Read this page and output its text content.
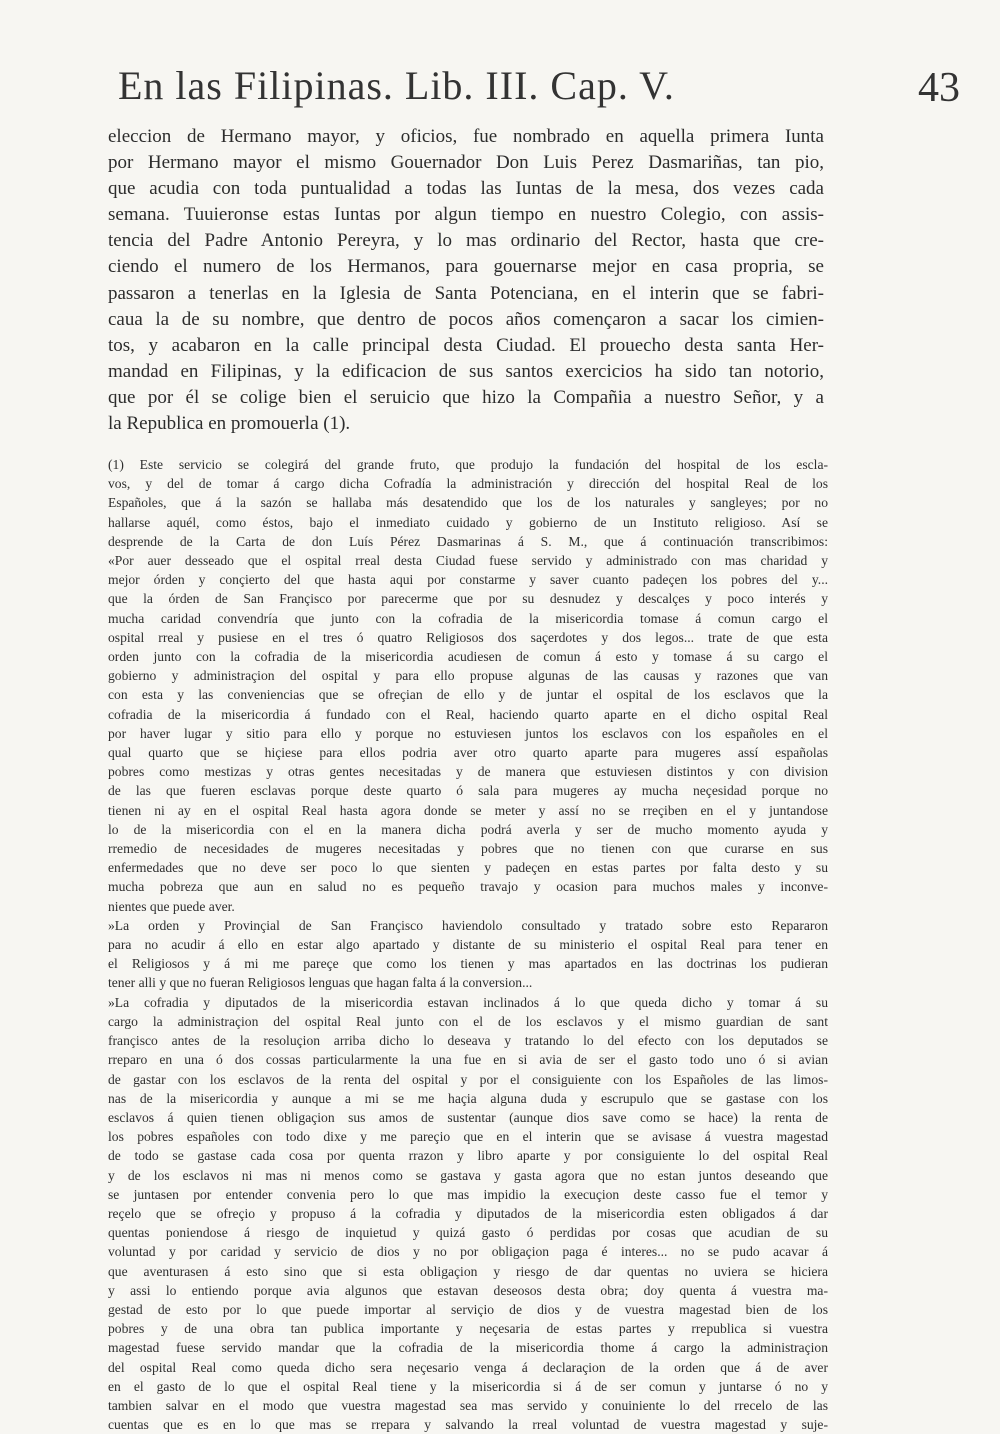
En las Filipinas. Lib. III. Cap. V.	43
eleccion de Hermano mayor, y oficios, fue nombrado en aquella primera Iunta
por Hermano mayor el mismo Gouernador Don Luis Perez Dasmariñas, tan pio,
que acudia con toda puntualidad a todas las Iuntas de la mesa, dos vezes cada
semana. Tuuieronse estas Iuntas por algun tiempo en nuestro Colegio, con assis-
tencia del Padre Antonio Pereyra, y lo mas ordinario del Rector, hasta que cre-
ciendo el numero de los Hermanos, para gouernarse mejor en casa propria, se
passaron a tenerlas en la Iglesia de Santa Potenciana, en el interin que se fabri-
caua la de su nombre, que dentro de pocos años començaron a sacar los cimien-
tos, y acabaron en la calle principal desta Ciudad. El prouecho desta santa Her-
mandad en Filipinas, y la edificacion de sus santos exercicios ha sido tan notorio,
que por él se colige bien el seruicio que hizo la Compañia a nuestro Señor, y a
la Republica en promouerla (1).
(1) Este servicio se colegirá del grande fruto, que produjo la fundación del hospital de los escla-
vos, y del de tomar á cargo dicha Cofradía la administración y dirección del hospital Real de los
Españoles, que á la sazón se hallaba más desatendido que los de los naturales y sangleyes; por no
hallarse aquél, como éstos, bajo el inmediato cuidado y gobierno de un Instituto religioso. Así se
desprende de la Carta de don Luís Pérez Dasmarinas á S. M., que á continuación transcribimos:
«Por auer desseado que el ospital rreal desta Ciudad fuese servido y administrado con mas charidad y
mejor órden y conçierto del que hasta aqui por constarme y saver cuanto padeçen los pobres del y...
que la órden de San Françisco por parecerme que por su desnudez y descalçes y poco interés y
mucha caridad convendría que junto con la cofradia de la misericordia tomase á comun cargo el
ospital rreal y pusiese en el tres ó quatro Religiosos dos saçerdotes y dos legos... trate de que esta
orden junto con la cofradia de la misericordia acudiesen de comun á esto y tomase á su cargo el
gobierno y administraçion del ospital y para ello propuse algunas de las causas y razones que van
con esta y las conveniencias que se ofreçian de ello y de juntar el ospital de los esclavos que la
cofradia de la misericordia á fundado con el Real, haciendo quarto aparte en el dicho ospital Real
por haver lugar y sitio para ello y porque no estuviesen juntos los esclavos con los españoles en el
qual quarto que se hiçiese para ellos podria aver otro quarto aparte para mugeres assí españolas
pobres como mestizas y otras gentes necesitadas y de manera que estuviesen distintos y con division
de las que fueren esclavas porque deste quarto ó sala para mugeres ay mucha neçesidad porque no
tienen ni ay en el ospital Real hasta agora donde se meter y assí no se rreçiben en el y juntandose
lo de la misericordia con el en la manera dicha podrá averla y ser de mucho momento ayuda y
rremedio de necesidades de mugeres necesitadas y pobres que no tienen con que curarse en sus
enfermedades que no deve ser poco lo que sienten y padeçen en estas partes por falta desto y su
mucha pobreza que aun en salud no es pequeño travajo y ocasion para muchos males y inconve-
nientes que puede aver.
»La orden y Provinçial de San Françisco haviendolo consultado y tratado sobre esto Repararon
para no acudir á ello en estar algo apartado y distante de su ministerio el ospital Real para tener en
el Religiosos y á mi me pareçe que como los tienen y mas apartados en las doctrinas los pudieran
tener alli y que no fueran Religiosos lenguas que hagan falta á la conversion...
»La cofradia y diputados de la misericordia estavan inclinados á lo que queda dicho y tomar á su
cargo la administraçion del ospital Real junto con el de los esclavos y el mismo guardian de sant
françisco antes de la resoluçion arriba dicho lo deseava y tratando lo del efecto con los deputados se
rreparo en una ó dos cossas particularmente la una fue en si avia de ser el gasto todo uno ó si avian
de gastar con los esclavos de la renta del ospital y por el consiguiente con los Españoles de las limos-
nas de la misericordia y aunque a mi se me haçia alguna duda y escrupulo que se gastase con los
esclavos á quien tienen obligaçion sus amos de sustentar (aunque dios save como se hace) la renta de
los pobres españoles con todo dixe y me pareçio que en el interin que se avisase á vuestra magestad
de todo se gastase cada cosa por quenta rrazon y libro aparte y por consiguiente lo del ospital Real
y de los esclavos ni mas ni menos como se gastava y gasta agora que no estan juntos deseando que
se juntasen por entender convenia pero lo que mas impidio la execuçion deste casso fue el temor y
reçelo que se ofreçio y propuso á la cofradia y diputados de la misericordia esten obligados á dar
quentas poniendose á riesgo de inquietud y quizá gasto ó perdidas por cosas que acudian de su
voluntad y por caridad y servicio de dios y no por obligaçion paga é interes... no se pudo acavar á
que aventurasen á esto sino que si esta obligaçion y riesgo de dar quentas no uviera se hiciera
y assi lo entiendo porque avia algunos que estavan deseosos desta obra; doy quenta á vuestra ma-
gestad de esto por lo que puede importar al serviçio de dios y de vuestra magestad bien de los
pobres y de una obra tan publica importante y neçesaria de estas partes y rrepublica si vuestra
magestad fuese servido mandar que la cofradia de la misericordia thome á cargo la administraçion
del ospital Real como queda dicho sera neçesario venga á declaraçion de la orden que á de aver
en el gasto de lo que el ospital Real tiene y la misericordia si á de ser comun y juntarse ó no y
tambien salvar en el modo que vuestra magestad sea mas servido y conuiniente lo del rrecelo de las
cuentas que es en lo que mas se rrepara y salvando la rreal voluntad de vuestra magestad y suje-
